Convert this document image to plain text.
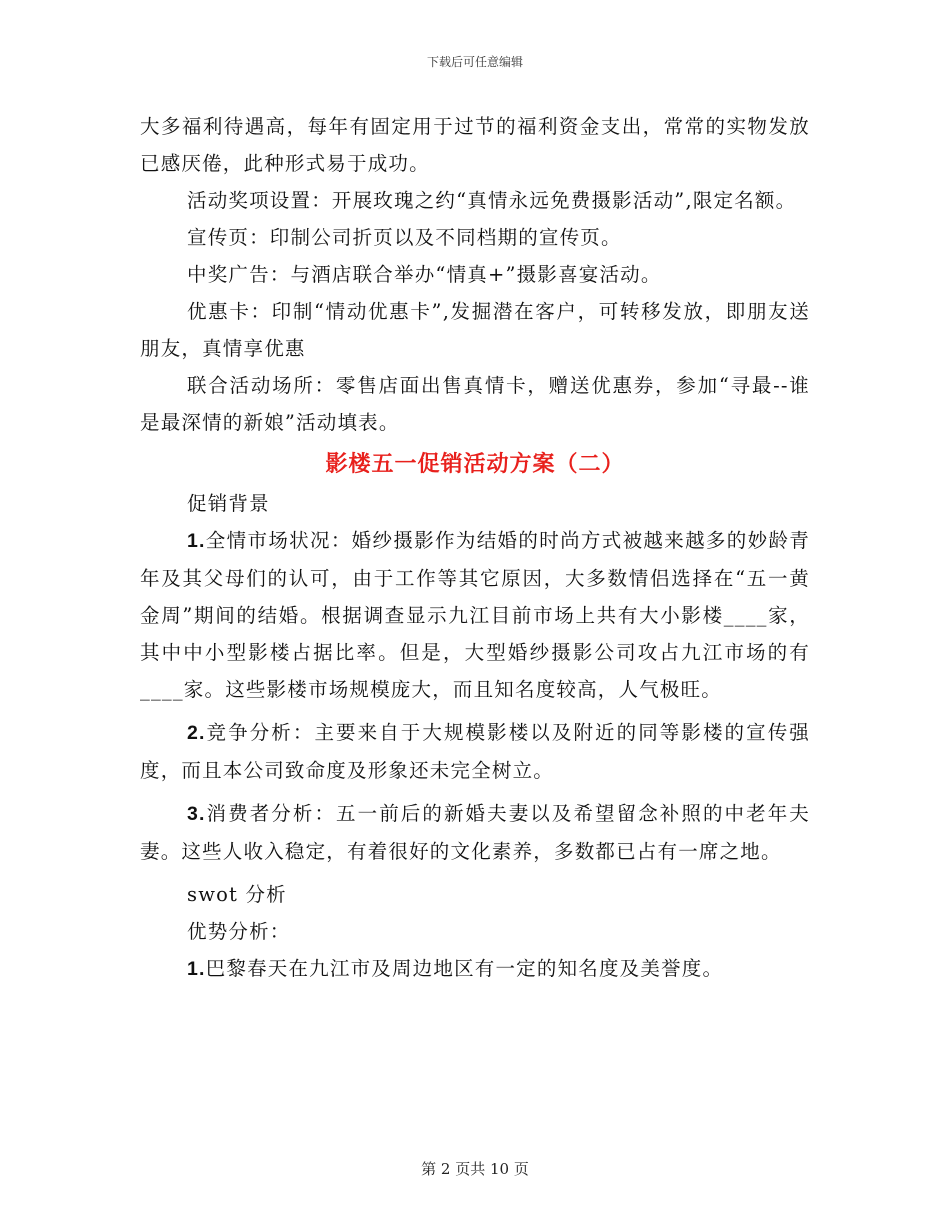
下载后可任意编辑

大多福利待遇高，每年有固定用于过节的福利资金支出，常常的实物发放已感厌倦，此种形式易于成功。

活动奖项设置：开展玫瑰之约“真情永远免费摄影活动”,限定名额。

宣传页：印制公司折页以及不同档期的宣传页。

中奖广告：与酒店联合举办“情真+”摄影喜宴活动。

优惠卡：印制“情动优惠卡”,发掘潜在客户，可转移发放，即朋友送朋友，真情享优惠

联合活动场所：零售店面出售真情卡，赠送优惠券，参加“寻最--谁是最深情的新娘”活动填表。

影楼五一促销活动方案（二）

促销背景

1.全情市场状况：婚纱摄影作为结婚的时尚方式被越来越多的妙龄青年及其父母们的认可，由于工作等其它原因，大多数情侣选择在“五一黄金周”期间的结婚。根据调查显示九江目前市场上共有大小影楼____家，其中中小型影楼占据比率。但是，大型婚纱摄影公司攻占九江市场的有____家。这些影楼市场规模庞大，而且知名度较高，人气极旺。

2.竞争分析：主要来自于大规模影楼以及附近的同等影楼的宣传强度，而且本公司致命度及形象还未完全树立。

3.消费者分析：五一前后的新婚夫妻以及希望留念补照的中老年夫妻。这些人收入稳定，有着很好的文化素养，多数都已占有一席之地。

swot 分析

优势分析：

1.巴黎春天在九江市及周边地区有一定的知名度及美誉度。

第 2 页共 10 页
